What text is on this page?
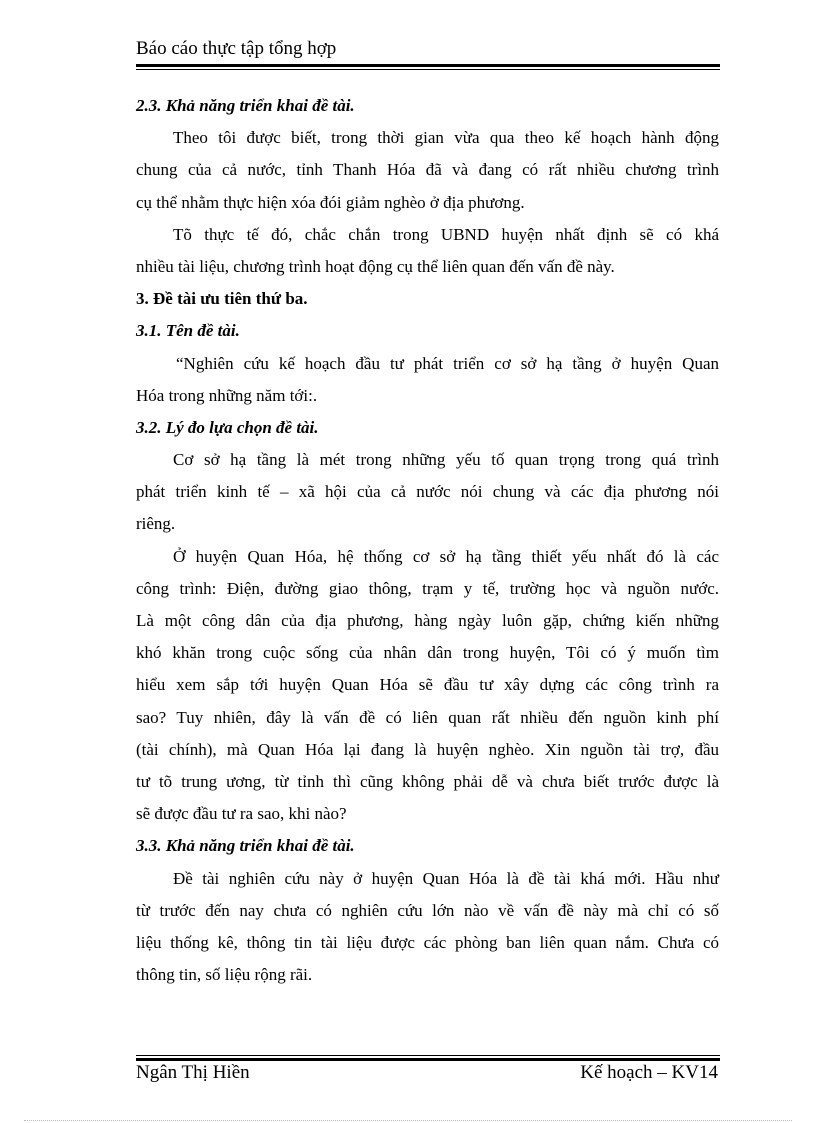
Báo cáo thực tập tổng hợp
2.3. Khả năng triển khai đề tài.
Theo tôi được biết, trong thời gian vừa qua theo kế hoạch hành động
chung của cả nước, tỉnh Thanh Hóa đã và đang có rất nhiều chương trình
cụ thể nhằm thực hiện xóa đói giảm nghèo ở địa phương.
Tõ thực tế đó, chắc chắn trong UBND huyện nhất định sẽ có khá
nhiều tài liệu, chương trình hoạt động cụ thể liên quan đến vấn đề này.
3. Đề tài ưu tiên thứ ba.
3.1. Tên đề tài.
“Nghiên cứu kế hoạch đầu tư phát triển cơ sở hạ tầng ở huyện Quan
Hóa trong những năm tới:.
3.2. Lý đo lựa chọn đề tài.
Cơ sở hạ tầng là mét trong những yếu tố quan trọng trong quá trình
phát triển kinh tế – xã hội của cả nước nói chung và các địa phương nói
riêng.
Ở huyện Quan Hóa, hệ thống cơ sở hạ tầng thiết yếu nhất đó là các
công trình: Điện, đường giao thông, trạm y tế, trường học và nguồn nước.
Là một công dân của địa phương, hàng ngày luôn gặp, chứng kiến những
khó khăn trong cuộc sống của nhân dân trong huyện, Tôi có ý muốn tìm
hiểu xem sắp tới huyện Quan Hóa sẽ đầu tư xây dựng các công trình ra
sao? Tuy nhiên, đây là vấn đề có liên quan rất nhiều đến nguồn kinh phí
(tài chính), mà Quan Hóa lại đang là huyện nghèo. Xin nguồn tài trợ, đầu
tư tõ trung ương, từ tỉnh thì cũng không phải dễ và chưa biết trước được là
sẽ được đầu tư ra sao, khi nào?
3.3. Khả năng triển khai đề tài.
Đề tài nghiên cứu này ở huyện Quan Hóa là đề tài khá mới. Hầu như
từ trước đến nay chưa có nghiên cứu lớn nào về vấn đề này mà chỉ có số
liệu thống kê, thông tin tài liệu được các phòng ban liên quan nắm. Chưa có
thông tin, số liệu rộng rãi.
Ngân Thị Hiền	Kế hoạch – KV14
